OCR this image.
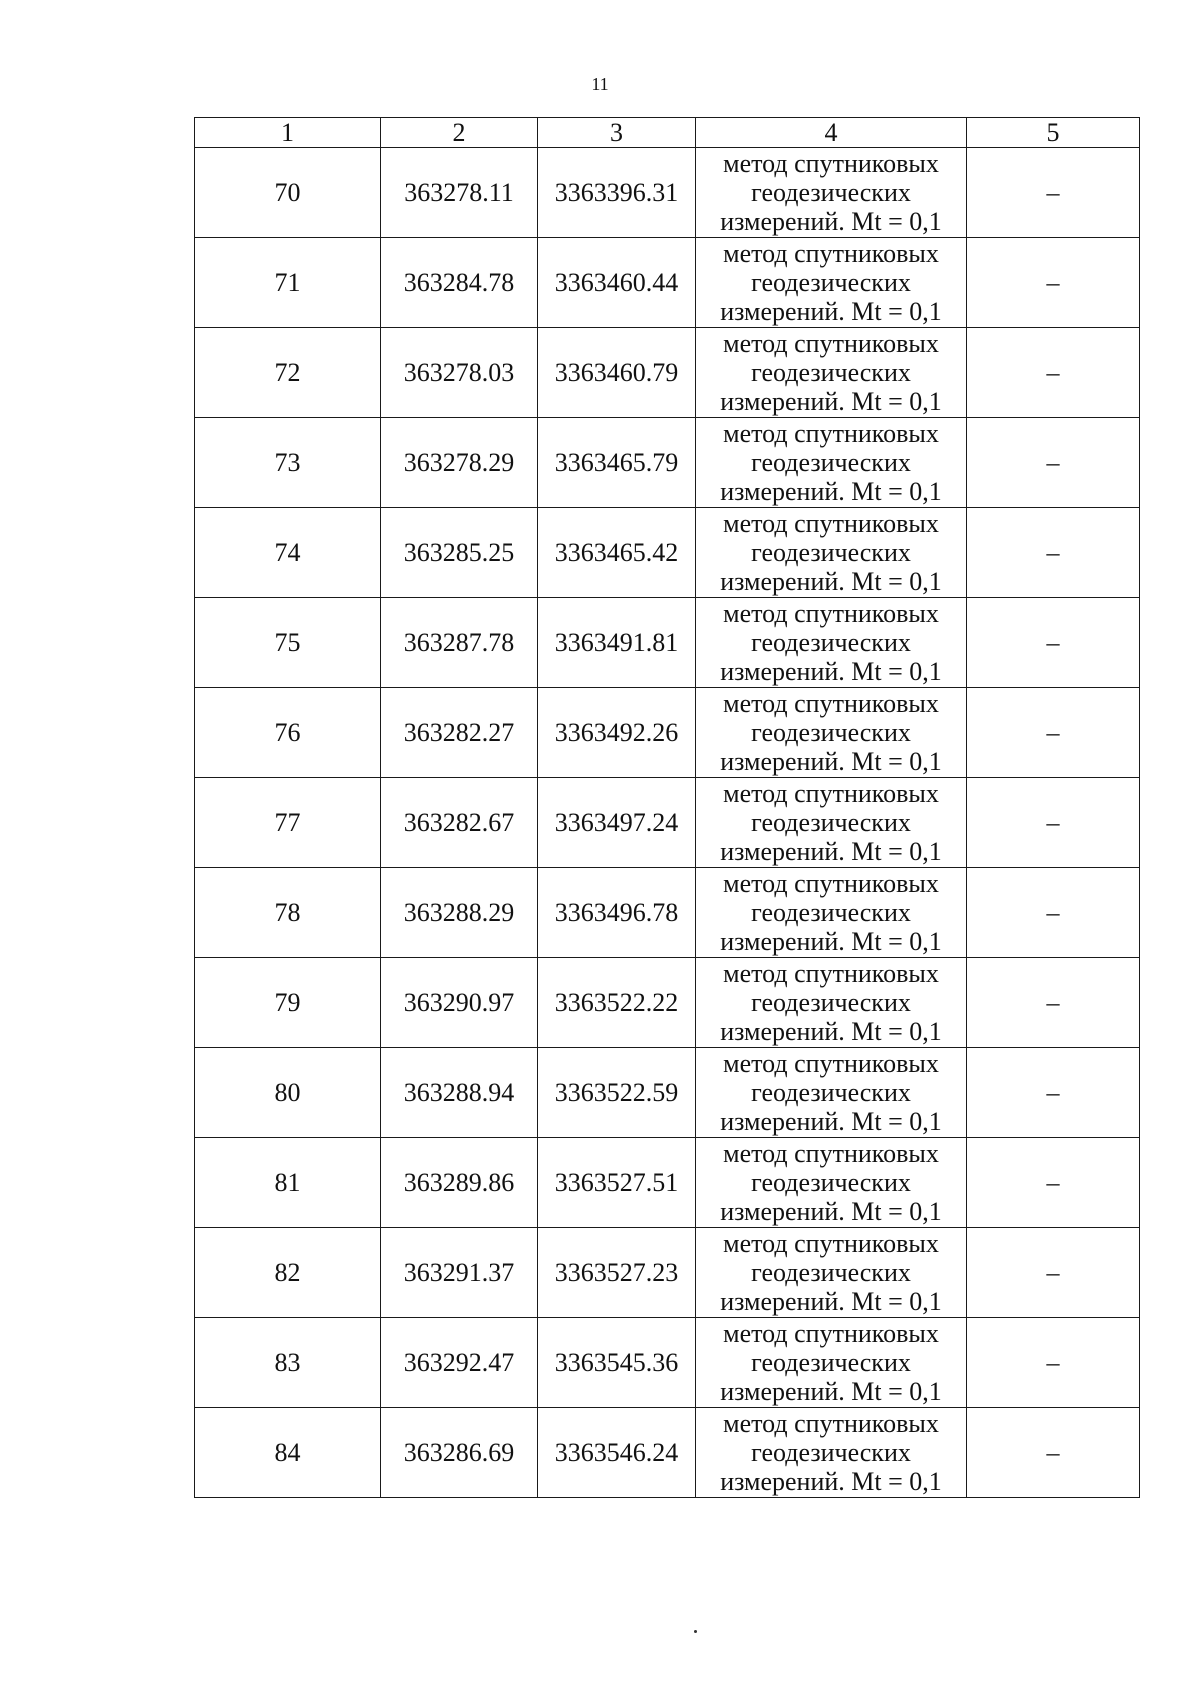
11
1	2	3	4	5
70	363278.11	3363396.31	метод спутниковых
геодезических
измерений. Mt = 0,1	–
71	363284.78	3363460.44	метод спутниковых
геодезических
измерений. Mt = 0,1	–
72	363278.03	3363460.79	метод спутниковых
геодезических
измерений. Mt = 0,1	–
73	363278.29	3363465.79	метод спутниковых
геодезических
измерений. Mt = 0,1	–
74	363285.25	3363465.42	метод спутниковых
геодезических
измерений. Mt = 0,1	–
75	363287.78	3363491.81	метод спутниковых
геодезических
измерений. Mt = 0,1	–
76	363282.27	3363492.26	метод спутниковых
геодезических
измерений. Mt = 0,1	–
77	363282.67	3363497.24	метод спутниковых
геодезических
измерений. Mt = 0,1	–
78	363288.29	3363496.78	метод спутниковых
геодезических
измерений. Mt = 0,1	–
79	363290.97	3363522.22	метод спутниковых
геодезических
измерений. Mt = 0,1	–
80	363288.94	3363522.59	метод спутниковых
геодезических
измерений. Mt = 0,1	–
81	363289.86	3363527.51	метод спутниковых
геодезических
измерений. Mt = 0,1	–
82	363291.37	3363527.23	метод спутниковых
геодезических
измерений. Mt = 0,1	–
83	363292.47	3363545.36	метод спутниковых
геодезических
измерений. Mt = 0,1	–
84	363286.69	3363546.24	метод спутниковых
геодезических
измерений. Mt = 0,1	–
